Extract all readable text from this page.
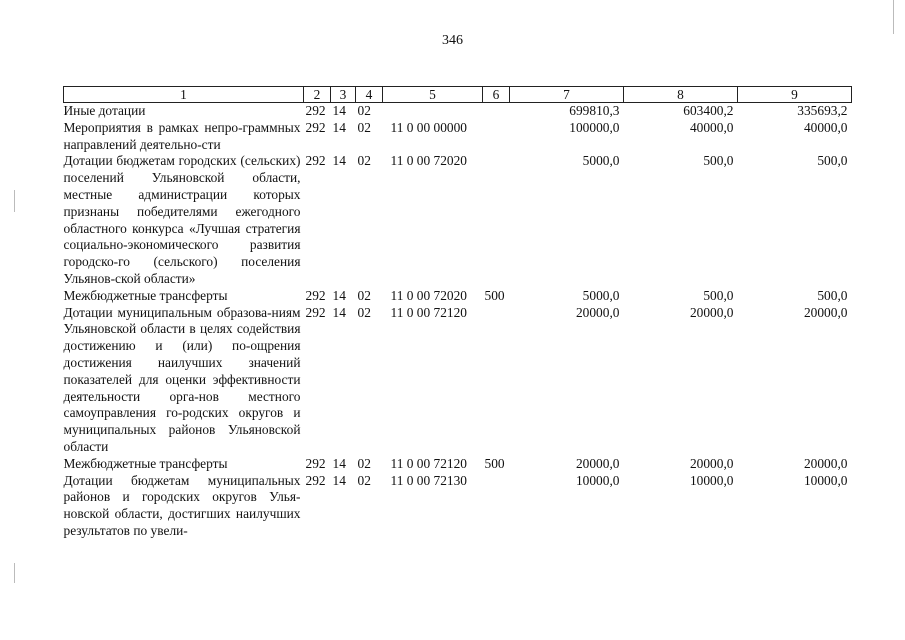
346
1	2	3	4	5	6	7	8	9
Иные дотации	292	14	02			699810,3	603400,2	335693,2
Мероприятия в рамках непро-граммных направлений деятельно-сти	292	14	02	11 0 00 00000		100000,0	40000,0	40000,0
Дотации бюджетам городских (сельских) поселений Ульяновской области, местные администрации которых признаны победителями ежегодного областного конкурса «Лучшая стратегия социально-экономического развития городско-го (сельского) поселения Ульянов-ской области»	292	14	02	11 0 00 72020		5000,0	500,0	500,0
Межбюджетные трансферты	292	14	02	11 0 00 72020	500	5000,0	500,0	500,0
Дотации муниципальным образова-ниям Ульяновской области в целях содействия достижению и (или) по-ощрения достижения наилучших значений показателей для оценки эффективности деятельности орга-нов местного самоуправления го-родских округов и муниципальных районов Ульяновской области	292	14	02	11 0 00 72120		20000,0	20000,0	20000,0
Межбюджетные трансферты	292	14	02	11 0 00 72120	500	20000,0	20000,0	20000,0
Дотации бюджетам муниципальных районов и городских округов Улья-новской области, достигших наилучших результатов по увели-	292	14	02	11 0 00 72130		10000,0	10000,0	10000,0
